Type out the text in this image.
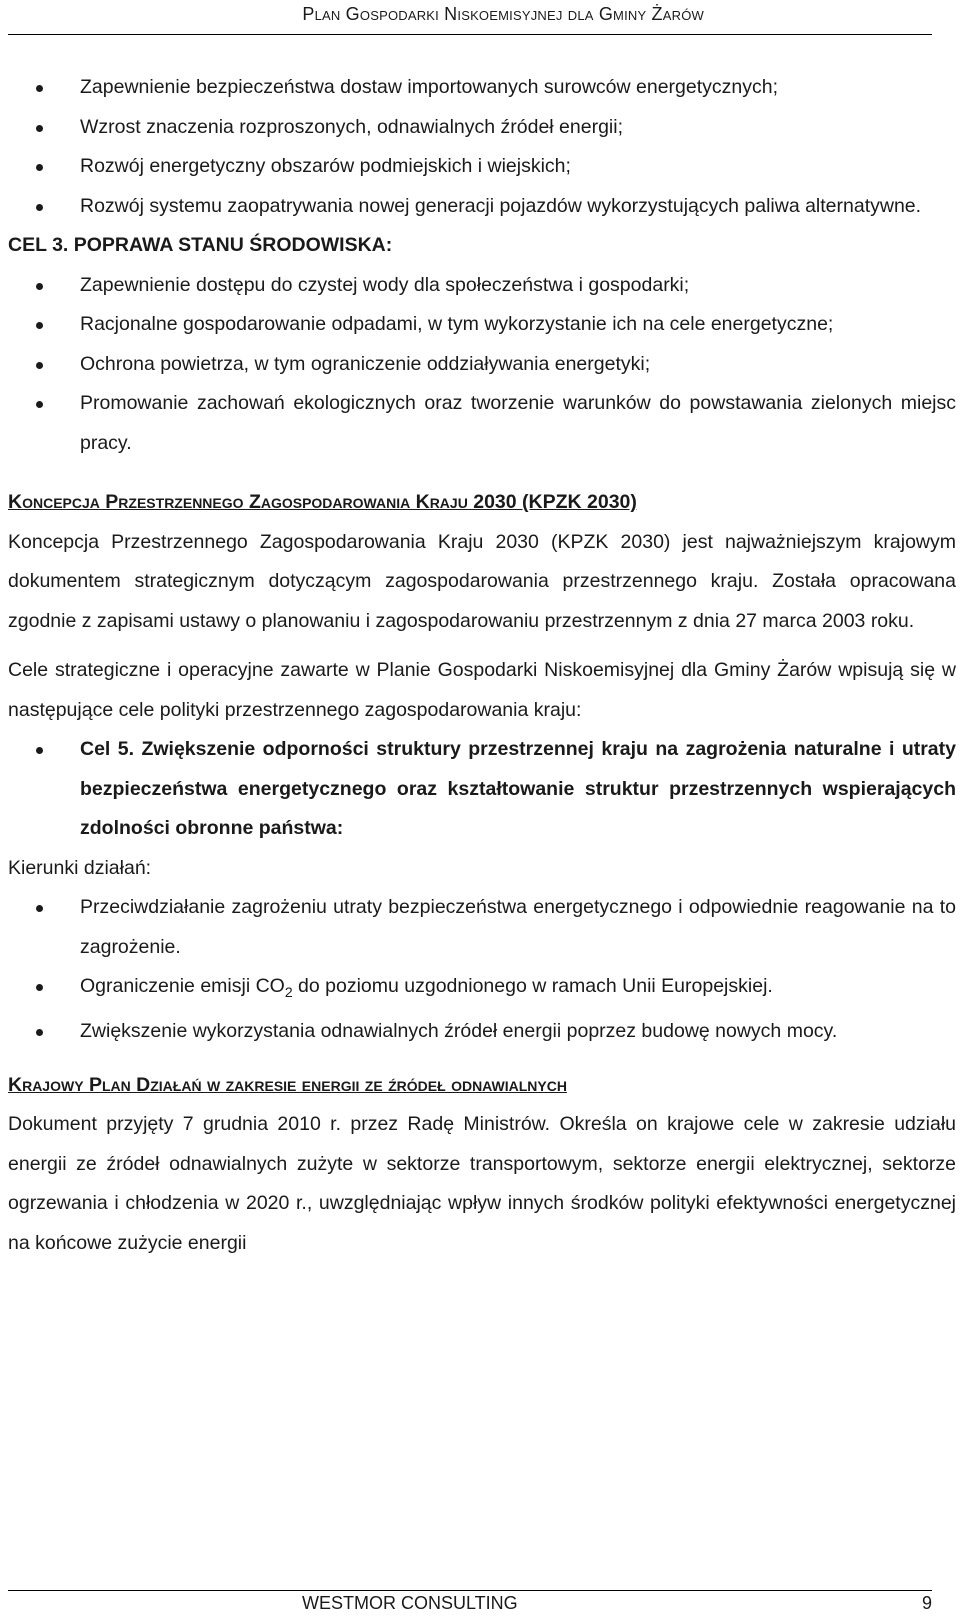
Plan Gospodarki Niskoemisyjnej dla Gminy Żarów
Zapewnienie bezpieczeństwa dostaw importowanych surowców energetycznych;
Wzrost znaczenia rozproszonych, odnawialnych źródeł energii;
Rozwój energetyczny obszarów podmiejskich i wiejskich;
Rozwój systemu zaopatrywania nowej generacji pojazdów wykorzystujących paliwa alternatywne.

CEL 3. POPRAWA STANU ŚRODOWISKA:

Zapewnienie dostępu do czystej wody dla społeczeństwa i gospodarki;
Racjonalne gospodarowanie odpadami, w tym wykorzystanie ich na cele energetyczne;
Ochrona powietrza, w tym ograniczenie oddziaływania energetyki;
Promowanie zachowań ekologicznych oraz tworzenie warunków do powstawania zielonych miejsc pracy.

Koncepcja Przestrzennego Zagospodarowania Kraju 2030 (KPZK 2030)

Koncepcja Przestrzennego Zagospodarowania Kraju 2030 (KPZK 2030) jest najważniejszym krajowym dokumentem strategicznym dotyczącym zagospodarowania przestrzennego kraju. Została opracowana zgodnie z zapisami ustawy o planowaniu i zagospodarowaniu przestrzennym z dnia 27 marca 2003 roku.

Cele strategiczne i operacyjne zawarte w Planie Gospodarki Niskoemisyjnej dla Gminy Żarów wpisują się w następujące cele polityki przestrzennego zagospodarowania kraju:

Cel 5. Zwiększenie odporności struktury przestrzennej kraju na zagrożenia naturalne i utraty bezpieczeństwa energetycznego oraz kształtowanie struktur przestrzennych wspierających zdolności obronne państwa:

Kierunki działań:

Przeciwdziałanie zagrożeniu utraty bezpieczeństwa energetycznego i odpowiednie reagowanie na to zagrożenie.
Ograniczenie emisji $CO_2$ do poziomu uzgodnionego w ramach Unii Europejskiej.
Zwiększenie wykorzystania odnawialnych źródeł energii poprzez budowę nowych mocy.

Krajowy Plan Działań w zakresie energii ze źródeł odnawialnych

Dokument przyjęty 7 grudnia 2010 r. przez Radę Ministrów. Określa on krajowe cele w zakresie udziału energii ze źródeł odnawialnych zużyte w sektorze transportowym, sektorze energii elektrycznej, sektorze ogrzewania i chłodzenia w 2020 r., uwzględniając wpływ innych środków polityki efektywności energetycznej na końcowe zużycie energii

WESTMOR CONSULTING	9
